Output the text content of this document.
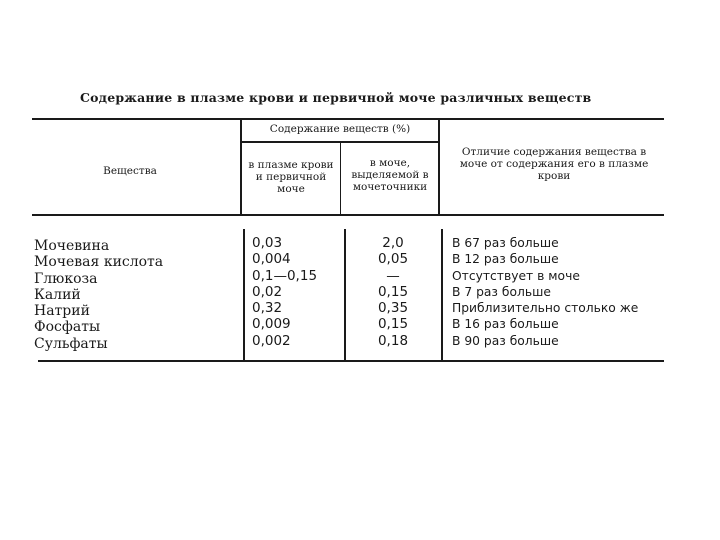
Содержание в плазме крови и первичной моче различных веществ
Вещества
Содержание веществ (%)
в плазме крови и первичной моче
в моче, выделяемой в мочеточники
Отличие содержания вещества в моче от содержания его в плазме крови
Мочевина
Мочевая кислота
Глюкоза
Калий
Натрий
Фосфаты
Сульфаты
0,03
0,004
0,1—0,15
0,02
0,32
0,009
0,002
2,0
0,05
—
0,15
0,35
0,15
0,18
В 67 раз больше
В 12 раз больше
Отсутствует в моче
В 7 раз больше
Приблизительно столько же
В 16 раз больше
В 90 раз больше
